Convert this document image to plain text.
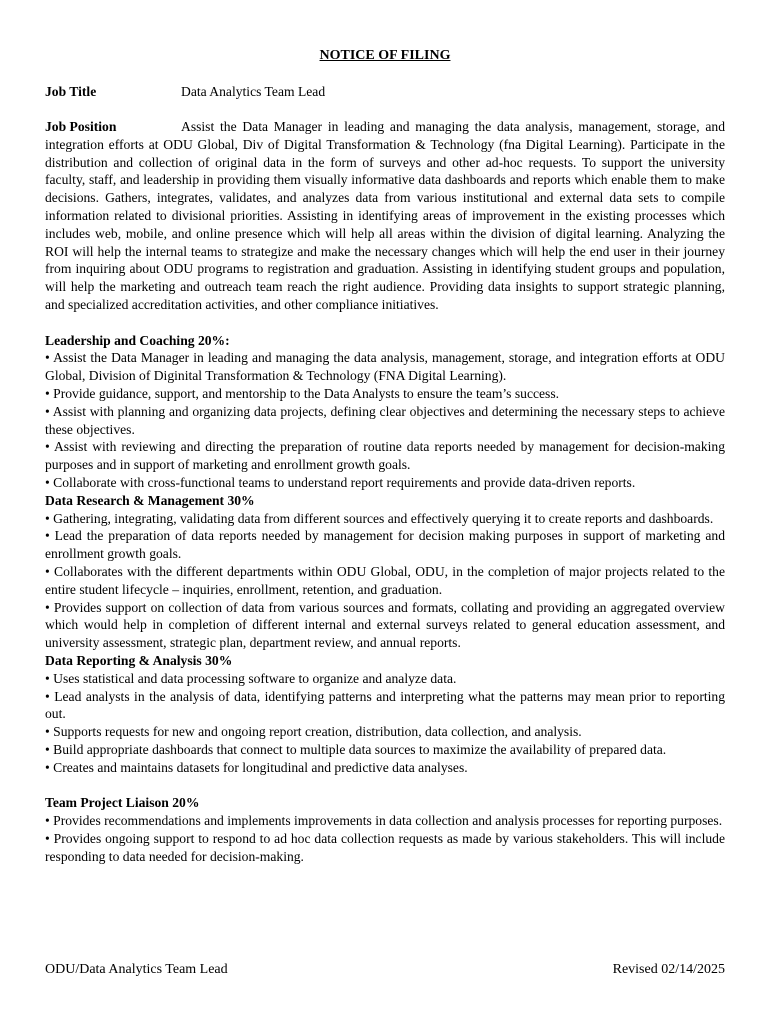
NOTICE OF FILING

Job Title	Data Analytics Team Lead
Job Position	Assist the Data Manager in leading and managing the data analysis, management, storage, and integration efforts at ODU Global, Div of Digital Transformation & Technology (fna Digital Learning). Participate in the distribution and collection of original data in the form of surveys and other ad-hoc requests. To support the university faculty, staff, and leadership in providing them visually informative data dashboards and reports which enable them to make decisions. Gathers, integrates, validates, and analyzes data from various institutional and external data sets to compile information related to divisional priorities. Assisting in identifying areas of improvement in the existing processes which includes web, mobile, and online presence which will help all areas within the division of digital learning. Analyzing the ROI will help the internal teams to strategize and make the necessary changes which will help the end user in their journey from inquiring about ODU programs to registration and graduation. Assisting in identifying student groups and population, will help the marketing and outreach team reach the right audience. Providing data insights to support strategic planning, and specialized accreditation activities, and other compliance initiatives.
Leadership and Coaching 20%:
• Assist the Data Manager in leading and managing the data analysis, management, storage, and integration efforts at ODU Global, Division of Diginital Transformation & Technology (FNA Digital Learning).
• Provide guidance, support, and mentorship to the Data Analysts to ensure the team’s success.
• Assist with planning and organizing data projects, defining clear objectives and determining the necessary steps to achieve these objectives.
• Assist with reviewing and directing the preparation of routine data reports needed by management for decision-making purposes and in support of marketing and enrollment growth goals.
• Collaborate with cross-functional teams to understand report requirements and provide data-driven reports.
Data Research & Management 30%
• Gathering, integrating, validating data from different sources and effectively querying it to create reports and dashboards.
• Lead the preparation of data reports needed by management for decision making purposes in support of marketing and enrollment growth goals.
• Collaborates with the different departments within ODU Global, ODU, in the completion of major projects related to the entire student lifecycle – inquiries, enrollment, retention, and graduation.
• Provides support on collection of data from various sources and formats, collating and providing an aggregated overview which would help in completion of different internal and external surveys related to general education assessment, and university assessment, strategic plan, department review, and annual reports.
Data Reporting & Analysis 30%
• Uses statistical and data processing software to organize and analyze data.
• Lead analysts in the analysis of data, identifying patterns and interpreting what the patterns may mean prior to reporting out.
• Supports requests for new and ongoing report creation, distribution, data collection, and analysis.
• Build appropriate dashboards that connect to multiple data sources to maximize the availability of prepared data.
• Creates and maintains datasets for longitudinal and predictive data analyses.
Team Project Liaison 20%
• Provides recommendations and implements improvements in data collection and analysis processes for reporting purposes.
• Provides ongoing support to respond to ad hoc data collection requests as made by various stakeholders. This will include responding to data needed for decision-making.
ODU/Data Analytics Team Lead	Revised 02/14/2025
